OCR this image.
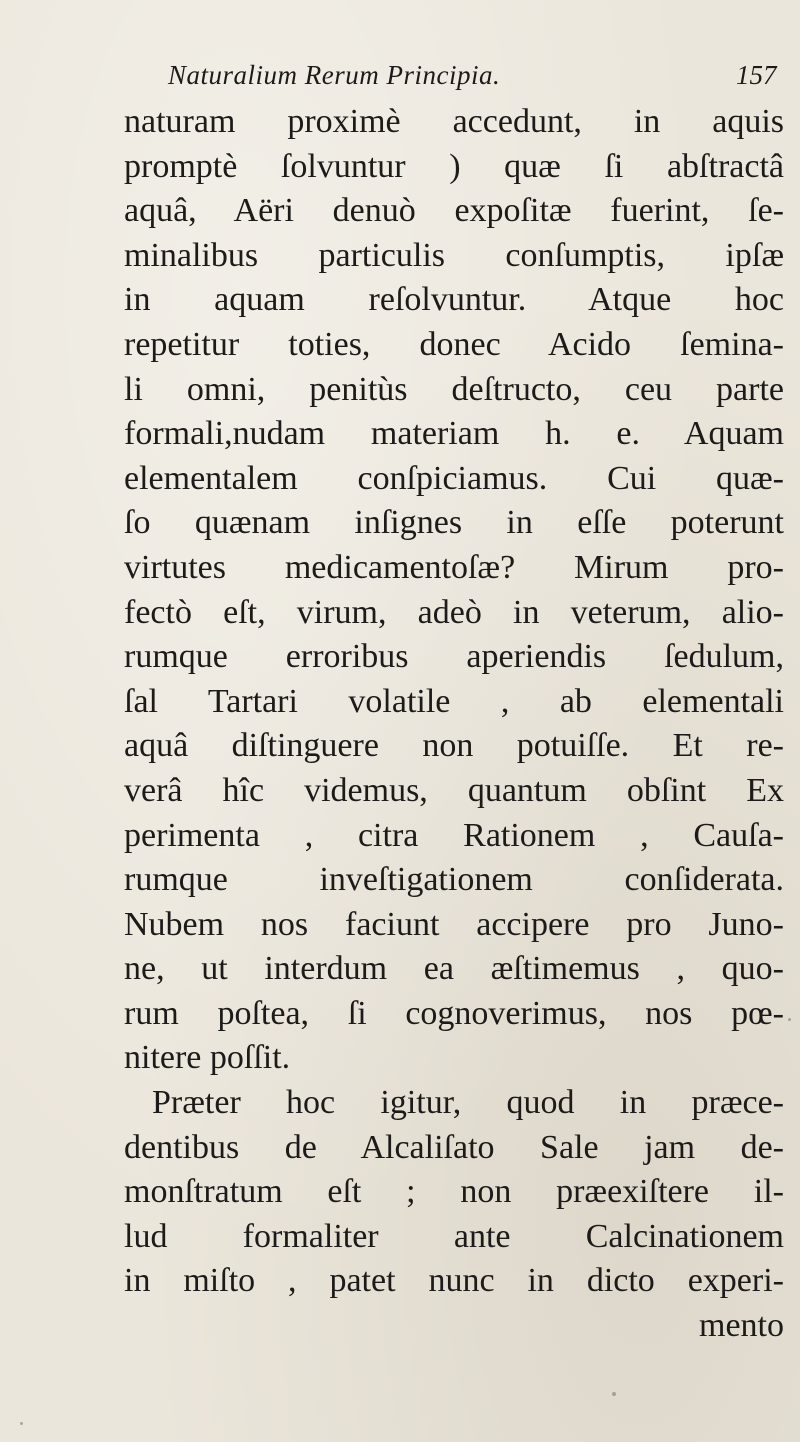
Naturalium Rerum Principia.	157
naturam proximè accedunt, in aquis
promptè ſolvuntur ) quæ ſi abſtractâ
aquâ, Aëri denuò expoſitæ fuerint, ſe-
minalibus particulis conſumptis, ipſæ
in aquam reſolvuntur. Atque hoc
repetitur toties, donec Acido ſemina-
li omni, penitùs deſtructo, ceu parte
formali,nudam materiam h. e. Aquam
elementalem conſpiciamus. Cui quæ-
ſo quænam inſignes in eſſe poterunt
virtutes medicamentoſæ? Mirum pro-
fectò eſt, virum, adeò in veterum, alio-
rumque erroribus aperiendis ſedulum,
ſal Tartari volatile , ab elementali
aquâ diſtinguere non potuiſſe. Et re-
verâ hîc videmus, quantum obſint Ex
perimenta , citra Rationem , Cauſa-
rumque inveſtigationem conſiderata.
Nubem nos faciunt accipere pro Juno-
ne, ut interdum ea æſtimemus , quo-
rum poſtea, ſi cognoverimus, nos pœ-
nitere poſſit.
Præter hoc igitur, quod in præce-
dentibus de Alcaliſato Sale jam de-
monſtratum eſt ; non præexiſtere il-
lud formaliter ante Calcinationem
in miſto , patet nunc in dicto experi-
mento
